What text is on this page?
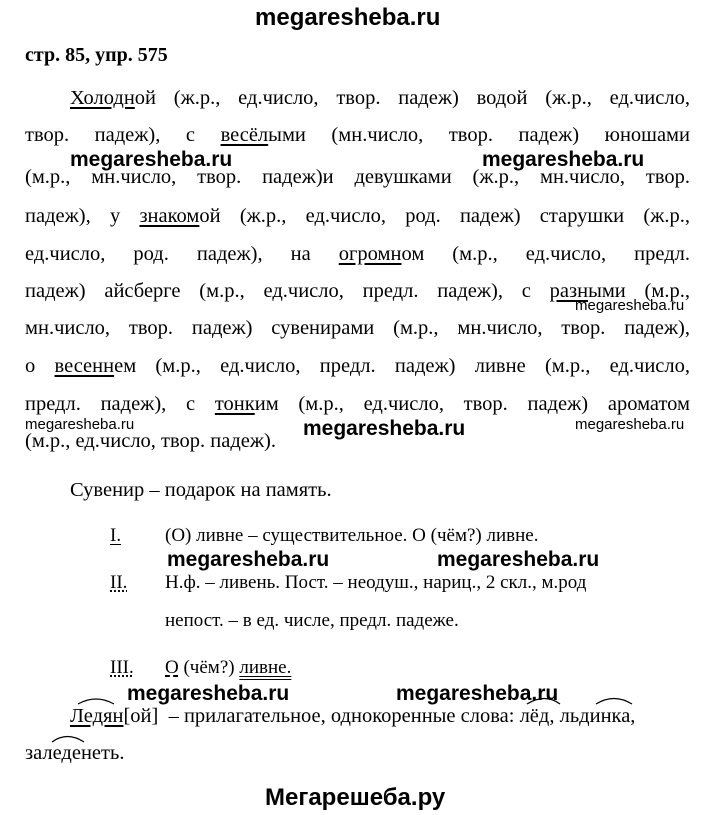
megaresheba.ru
стр. 85, упр. 575
Холодной (ж.р., ед.число, твор. падеж) водой (ж.р., ед.число,
твор. падеж), с весёлыми (мн.число, твор. падеж) юношами
(м.р., мн.число, твор. падеж)и девушками (ж.р., мн.число, твор.
падеж), у знакомой (ж.р., ед.число, род. падеж) старушки (ж.р.,
ед.число, род. падеж), на огромном (м.р., ед.число, предл.
падеж) айсберге (м.р., ед.число, предл. падеж), с разными (м.р.,
мн.число, твор. падеж) сувенирами (м.р., мн.число, твор. падеж),
о весеннем (м.р., ед.число, предл. падеж) ливне (м.р., ед.число,
предл. падеж), с тонким (м.р., ед.число, твор. падеж) ароматом
(м.р., ед.число, твор. падеж).
Сувенир – подарок на память.
I. (О) ливне – существительное. О (чём?) ливне.
II. Н.ф. – ливень. Пост. – неодуш., нариц., 2 скл., м.род
непост. – в ед. числе, предл. падеже.
III. О (чём?) ливне.
Ледян[ой] – прилагательное, однокоренные слова: лёд, льдинка,
заледенеть.
megaresheba.ru	megaresheba.ru
megaresheba.ru
megaresheba.ru	megaresheba.ru	megaresheba.ru
megaresheba.ru	megaresheba.ru
megaresheba.ru	megaresheba.ru
Мегарешеба.ру
